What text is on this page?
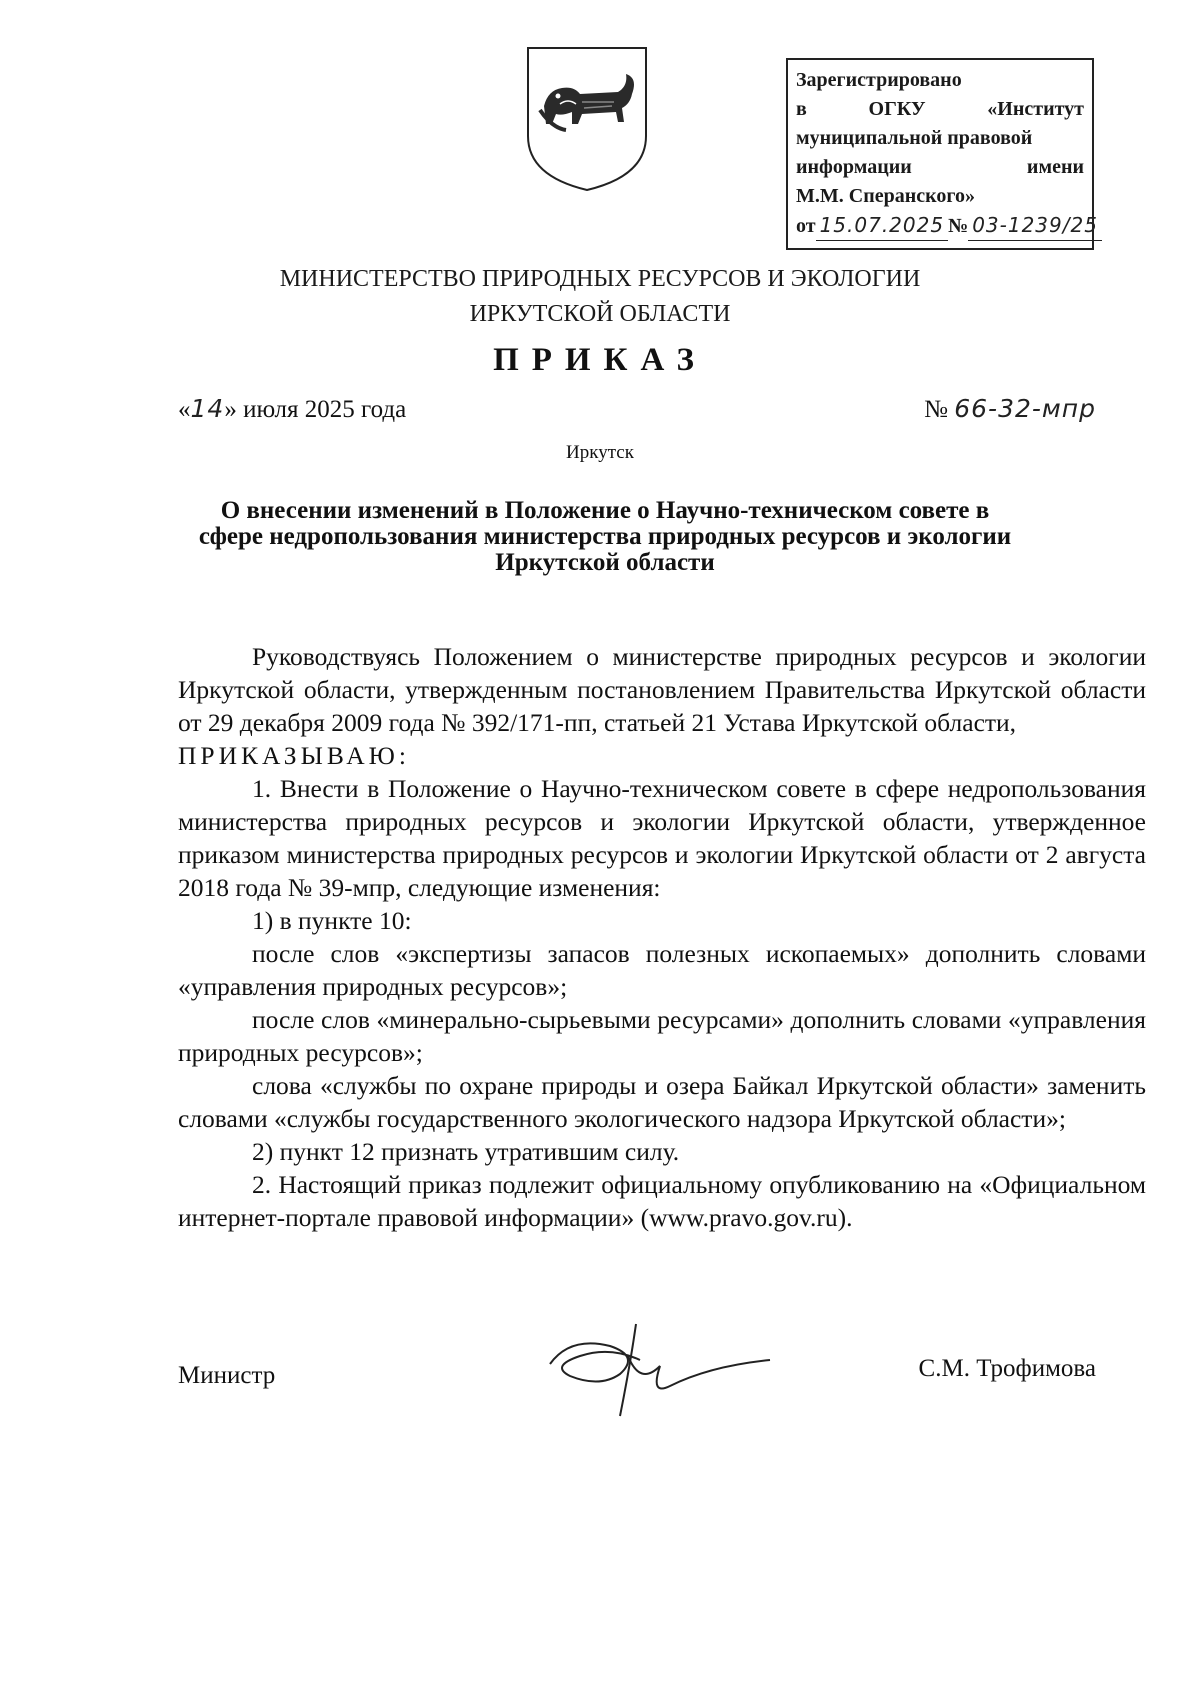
Зарегистрировано
в	ОГКУ	«Институт
муниципальной правовой
информации	имени
М.М. Сперанского»
от 15.07.2025 № 03-1239/25
МИНИСТЕРСТВО ПРИРОДНЫХ РЕСУРСОВ И ЭКОЛОГИИ
ИРКУТСКОЙ ОБЛАСТИ
ПРИКАЗ
«14» июля 2025 года	№ 66-32-мпр
Иркутск
О внесении изменений в Положение о Научно-техническом совете в сфере недропользования министерства природных ресурсов и экологии Иркутской области

Руководствуясь Положением о министерстве природных ресурсов и экологии Иркутской области, утвержденным постановлением Правительства Иркутской области от 29 декабря 2009 года № 392/171-пп, статьей 21 Устава Иркутской области,

ПРИКАЗЫВАЮ:

1. Внести в Положение о Научно-техническом совете в сфере недропользования министерства природных ресурсов и экологии Иркутской области, утвержденное приказом министерства природных ресурсов и экологии Иркутской области от 2 августа 2018 года № 39-мпр, следующие изменения:

1) в пункте 10:

после слов «экспертизы запасов полезных ископаемых» дополнить словами «управления природных ресурсов»;

после слов «минерально-сырьевыми ресурсами» дополнить словами «управления природных ресурсов»;

слова «службы по охране природы и озера Байкал Иркутской области» заменить словами «службы государственного экологического надзора Иркутской области»;

2) пункт 12 признать утратившим силу.

2. Настоящий приказ подлежит официальному опубликованию на «Официальном интернет-портале правовой информации» (www.pravo.gov.ru).

Министр	С.М. Трофимова
